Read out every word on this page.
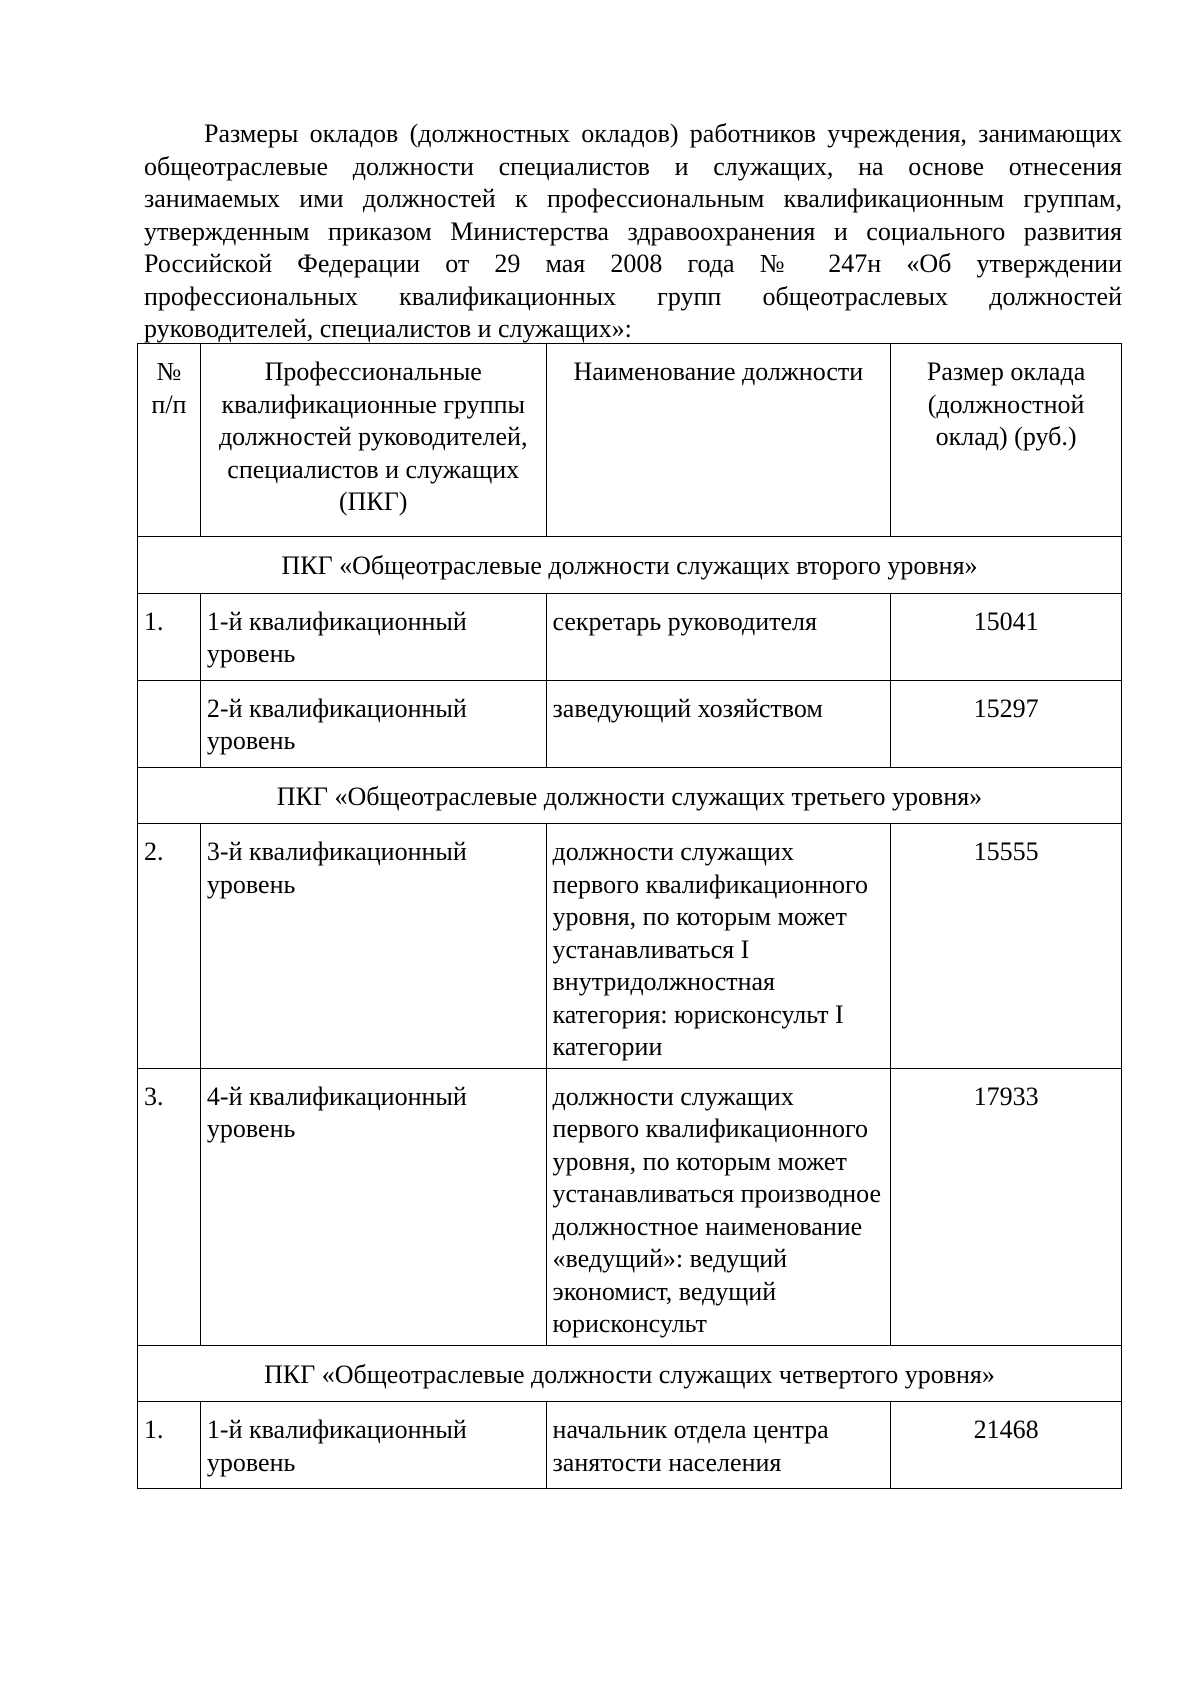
Размеры окладов (должностных окладов) работников учреждения, занимающих общеотраслевые должности специалистов и служащих, на основе отнесения занимаемых ими должностей к профессиональным квалификационным группам, утвержденным приказом Министерства здравоохранения и социального развития Российской Федерации от 29 мая 2008 года № 247н «Об утверждении профессиональных квалификационных групп общеотраслевых должностей руководителей, специалистов и служащих»:

№ п/п	Профессиональные квалификационные группы должностей руководителей, специалистов и служащих (ПКГ)	Наименование должности	Размер оклада (должностной оклад) (руб.)
ПКГ «Общеотраслевые должности служащих второго уровня»			
1.	1-й квалификационный уровень	секретарь руководителя	15041
	2-й квалификационный уровень	заведующий хозяйством	15297
ПКГ «Общеотраслевые должности служащих третьего уровня»			
2.	3-й квалификационный уровень	должности служащих первого квалификационного уровня, по которым может устанавливаться I внутридолжностная категория: юрисконсульт I категории	15555
3.	4-й квалификационный уровень	должности служащих первого квалификационного уровня, по которым может устанавливаться производное должностное наименование «ведущий»: ведущий экономист, ведущий юрисконсульт	17933
ПКГ «Общеотраслевые должности служащих четвертого уровня»			
1.	1-й квалификационный уровень	начальник отдела центра занятости населения	21468
